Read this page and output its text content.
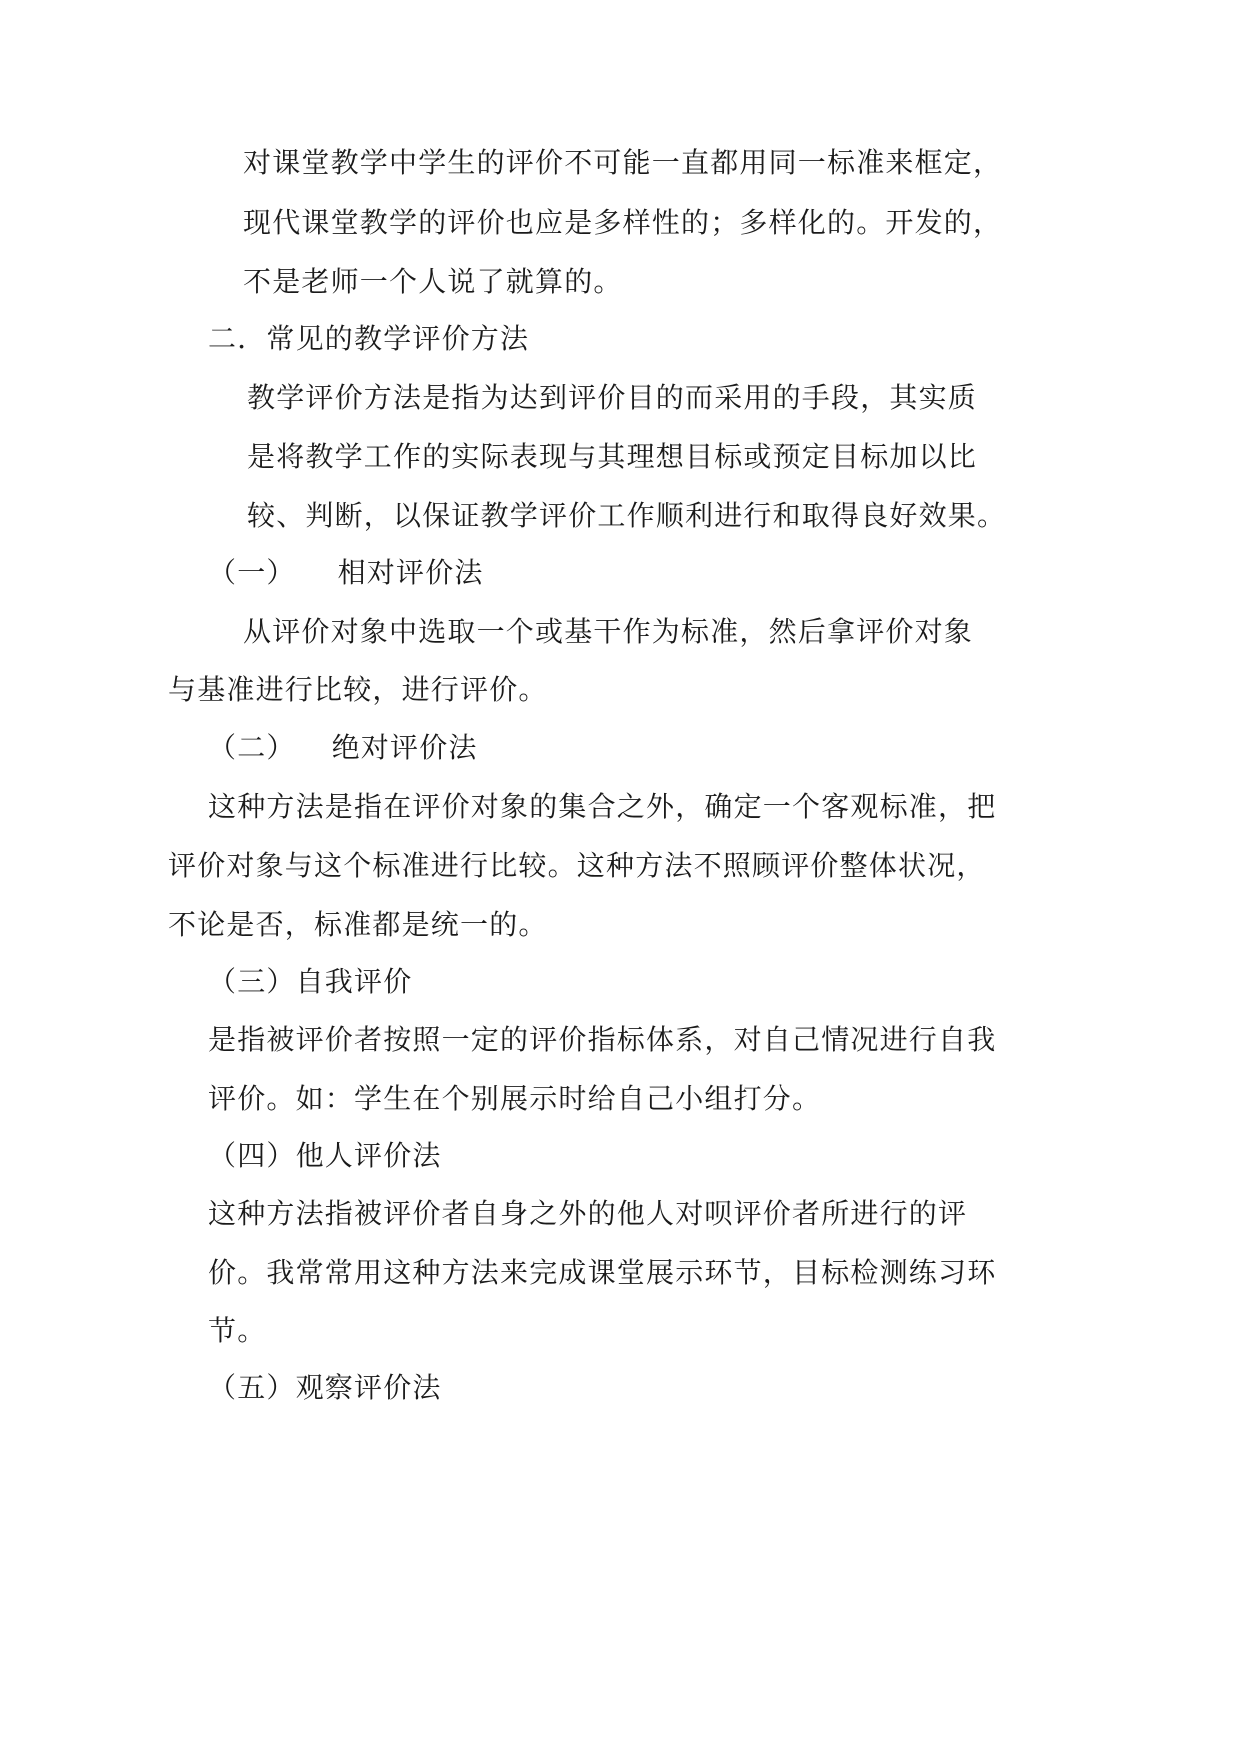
对课堂教学中学生的评价不可能一直都用同一标准来框定，
现代课堂教学的评价也应是多样性的；多样化的。开发的，
不是老师一个人说了就算的。
二．常见的教学评价方法
教学评价方法是指为达到评价目的而采用的手段，其实质
是将教学工作的实际表现与其理想目标或预定目标加以比
较、判断，以保证教学评价工作顺利进行和取得良好效果。
（一） 相对评价法
从评价对象中选取一个或基干作为标准，然后拿评价对象
与基准进行比较，进行评价。
（二） 绝对评价法
这种方法是指在评价对象的集合之外，确定一个客观标准，把
评价对象与这个标准进行比较。这种方法不照顾评价整体状况，
不论是否，标准都是统一的。
（三）自我评价
是指被评价者按照一定的评价指标体系，对自己情况进行自我
评价。如：学生在个别展示时给自己小组打分。
（四）他人评价法
这种方法指被评价者自身之外的他人对呗评价者所进行的评
价。我常常用这种方法来完成课堂展示环节，目标检测练习环
节。
（五）观察评价法
